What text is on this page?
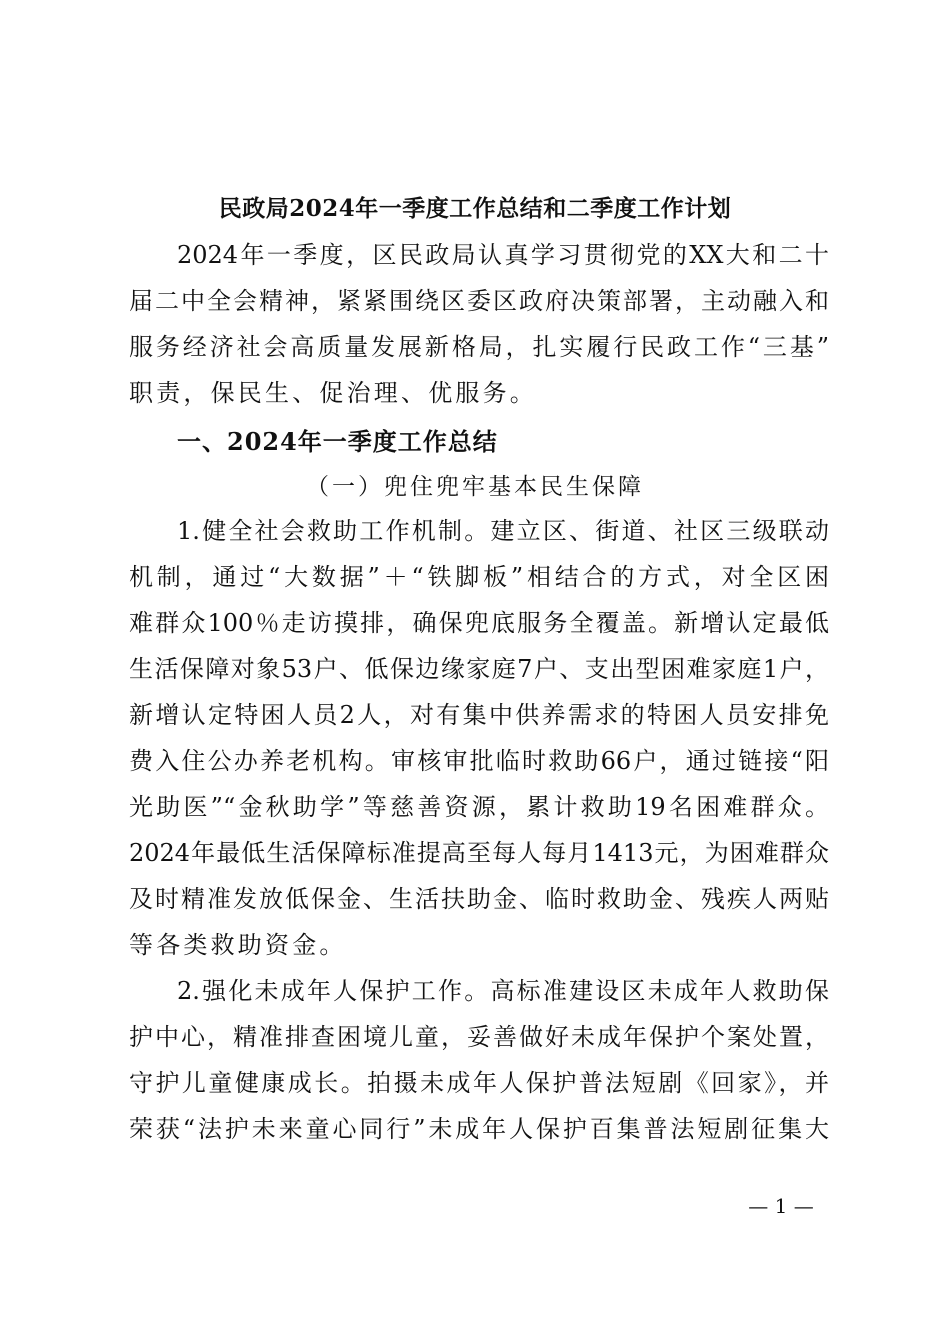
民政局2024年一季度工作总结和二季度工作计划
2024年一季度，区民政局认真学习贯彻党的XX大和二十
届二中全会精神，紧紧围绕区委区政府决策部署，主动融入和
服务经济社会高质量发展新格局，扎实履行民政工作“三基”
职责，保民生、促治理、优服务。
一、2024年一季度工作总结
（一）兜住兜牢基本民生保障
1.健全社会救助工作机制。建立区、街道、社区三级联动
机制，通过“大数据”＋“铁脚板”相结合的方式，对全区困
难群众100％走访摸排，确保兜底服务全覆盖。新增认定最低
生活保障对象53户、低保边缘家庭7户、支出型困难家庭1户，
新增认定特困人员2人，对有集中供养需求的特困人员安排免
费入住公办养老机构。审核审批临时救助66户，通过链接“阳
光助医”“金秋助学”等慈善资源，累计救助19名困难群众。
2024年最低生活保障标准提高至每人每月1413元，为困难群众
及时精准发放低保金、生活扶助金、临时救助金、残疾人两贴
等各类救助资金。
2.强化未成年人保护工作。高标准建设区未成年人救助保
护中心，精准排查困境儿童，妥善做好未成年保护个案处置，
守护儿童健康成长。拍摄未成年人保护普法短剧《回家》，并
荣获“法护未来童心同行”未成年人保护百集普法短剧征集大
— 1 —
